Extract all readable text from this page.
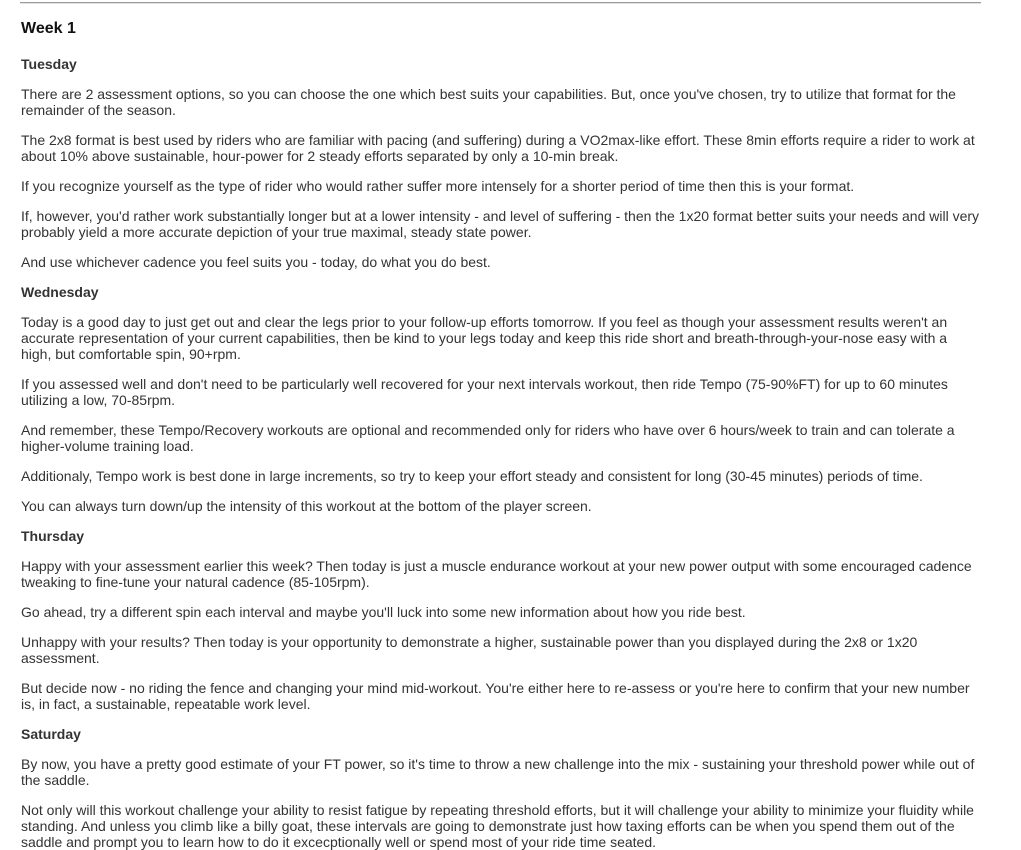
Week 1
Tuesday

There are 2 assessment options, so you can choose the one which best suits your capabilities. But, once you've chosen, try to utilize that format for the remainder of the season.

The 2x8 format is best used by riders who are familiar with pacing (and suffering) during a VO2max-like effort. These 8min efforts require a rider to work at about 10% above sustainable, hour-power for 2 steady efforts separated by only a 10-min break.

If you recognize yourself as the type of rider who would rather suffer more intensely for a shorter period of time then this is your format.

If, however, you'd rather work substantially longer but at a lower intensity - and level of suffering - then the 1x20 format better suits your needs and will very probably yield a more accurate depiction of your true maximal, steady state power.

And use whichever cadence you feel suits you - today, do what you do best.

Wednesday

Today is a good day to just get out and clear the legs prior to your follow-up efforts tomorrow. If you feel as though your assessment results weren't an accurate representation of your current capabilities, then be kind to your legs today and keep this ride short and breath-through-your-nose easy with a high, but comfortable spin, 90+rpm.

If you assessed well and don't need to be particularly well recovered for your next intervals workout, then ride Tempo (75-90%FT) for up to 60 minutes utilizing a low, 70-85rpm.

And remember, these Tempo/Recovery workouts are optional and recommended only for riders who have over 6 hours/week to train and can tolerate a higher-volume training load.

Additionaly, Tempo work is best done in large increments, so try to keep your effort steady and consistent for long (30-45 minutes) periods of time.

You can always turn down/up the intensity of this workout at the bottom of the player screen.

Thursday

Happy with your assessment earlier this week? Then today is just a muscle endurance workout at your new power output with some encouraged cadence tweaking to fine-tune your natural cadence (85-105rpm).

Go ahead, try a different spin each interval and maybe you'll luck into some new information about how you ride best.

Unhappy with your results? Then today is your opportunity to demonstrate a higher, sustainable power than you displayed during the 2x8 or 1x20 assessment.

But decide now - no riding the fence and changing your mind mid-workout. You're either here to re-assess or you're here to confirm that your new number is, in fact, a sustainable, repeatable work level.

Saturday

By now, you have a pretty good estimate of your FT power, so it's time to throw a new challenge into the mix - sustaining your threshold power while out of the saddle.

Not only will this workout challenge your ability to resist fatigue by repeating threshold efforts, but it will challenge your ability to minimize your fluidity while standing. And unless you climb like a billy goat, these intervals are going to demonstrate just how taxing efforts can be when you spend them out of the saddle and prompt you to learn how to do it excecptionally well or spend most of your ride time seated.
